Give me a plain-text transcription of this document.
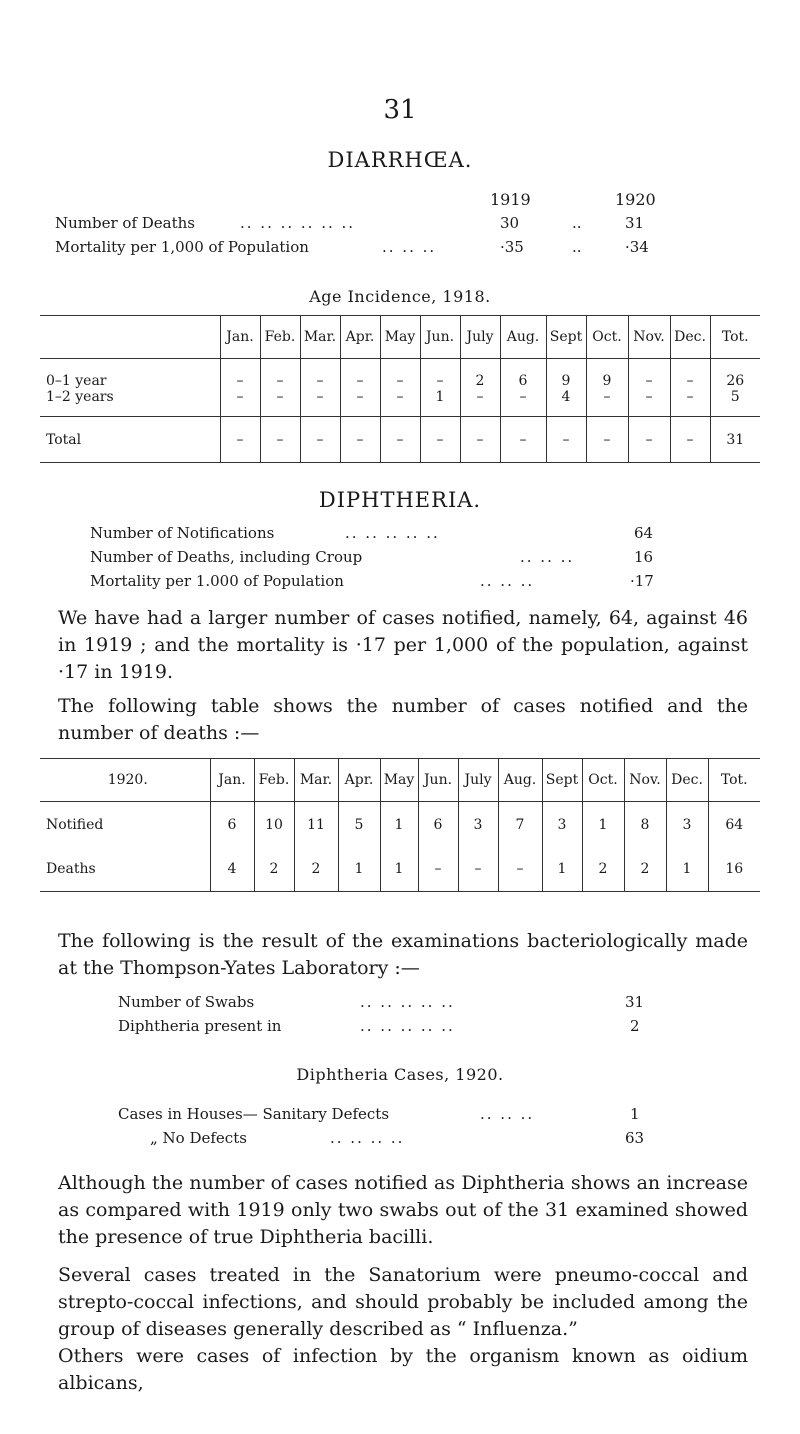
31
DIARRHŒA.
1919	1920
Number of Deaths	.. .. .. .. .. ..	30	..	31
Mortality per 1,000 of Population	.. .. ..	·35	..	·34
Age Incidence, 1918.
	Jan.	Feb.	Mar.	Apr.	May	Jun.	July	Aug.	Sept	Oct.	Nov.	Dec.	Tot.
0–1 year	–	–	–	–	–	–	2	6	9	9	–	–	26
1–2 years	–	–	–	–	–	1	–	–	4	–	–	–	5
Total	–	–	–	–	–	–	–	–	–	–	–	–	31
DIPHTHERIA.
Number of Notifications	.. .. .. .. ..	64
Number of Deaths, including Croup	.. .. ..	16
Mortality per 1.000 of Population	.. .. ..	·17
We have had a larger number of cases notified, namely, 64, against 46 in 1919 ; and the mortality is ·17 per 1,000 of the population, against ·17 in 1919.
The following table shows the number of cases notified and the number of deaths :—
1920.	Jan.	Feb.	Mar.	Apr.	May	Jun.	July	Aug.	Sept	Oct.	Nov.	Dec.	Tot.
Notified	6	10	11	5	1	6	3	7	3	1	8	3	64
Deaths	4	2	2	1	1	–	–	–	1	2	2	1	16
The following is the result of the examinations bacteriologically made at the Thompson-Yates Laboratory :—
Number of Swabs	.. .. .. .. ..	31
Diphtheria present in	.. .. .. .. ..	2
Diphtheria Cases, 1920.
Cases in Houses— Sanitary Defects	.. .. ..	1
„ No Defects	.. .. .. ..	63
Although the number of cases notified as Diphtheria shows an increase as compared with 1919 only two swabs out of the 31 examined showed the presence of true Diphtheria bacilli.
Several cases treated in the Sanatorium were pneumo-coccal and strepto-coccal infections, and should probably be included among the group of diseases generally described as “ Influenza.”
Others were cases of infection by the organism known as oidium albicans,
